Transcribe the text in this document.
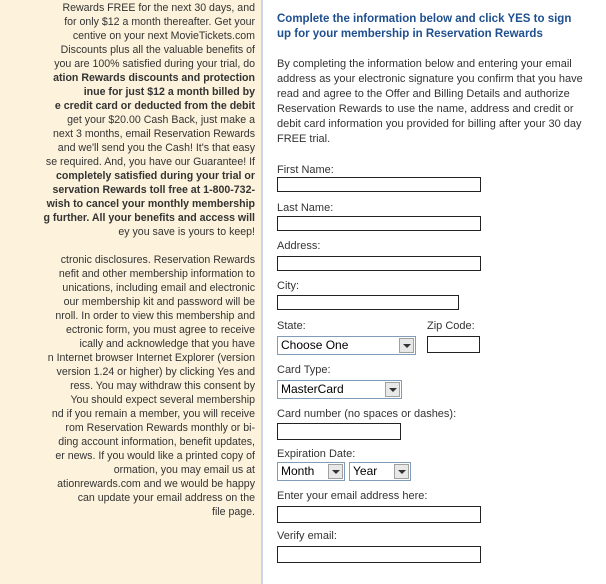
Rewards FREE for the next 30 days, and
for only $12 a month thereafter. Get your
centive on your next MovieTickets.com
Discounts plus all the valuable benefits of
you are 100% satisfied during your trial, do
ation Rewards discounts and protection
inue for just $12 a month billed by
e credit card or deducted from the debit
get your $20.00 Cash Back, just make a
next 3 months, email Reservation Rewards
and we'll send you the Cash! It's that easy
se required. And, you have our Guarantee! If
completely satisfied during your trial or
servation Rewards toll free at 1-800-732-
wish to cancel your monthly membership
g further. All your benefits and access will
ey you save is yours to keep!
ctronic disclosures. Reservation Rewards
nefit and other membership information to
unications, including email and electronic
our membership kit and password will be
nroll. In order to view this membership and
ectronic form, you must agree to receive
ically and acknowledge that you have
n Internet browser Internet Explorer (version
version 1.24 or higher) by clicking Yes and
ress. You may withdraw this consent by
You should expect several membership
nd if you remain a member, you will receive
rom Reservation Rewards monthly or bi-
ding account information, benefit updates,
er news. If you would like a printed copy of
ormation, you may email us at
ationrewards.com and we would be happy
can update your email address on the
file page.
Complete the information below and click YES to sign up for your membership in Reservation Rewards
By completing the information below and entering your email address as your electronic signature you confirm that you have read and agree to the Offer and Billing Details and authorize Reservation Rewards to use the name, address and credit or debit card information you provided for billing after your 30 day FREE trial.
First Name:
Last Name:
Address:
City:
State:
Choose One
Zip Code:
Card Type:
MasterCard
Card number (no spaces or dashes):
Expiration Date:
Month	Year
Enter your email address here:
Verify email:
